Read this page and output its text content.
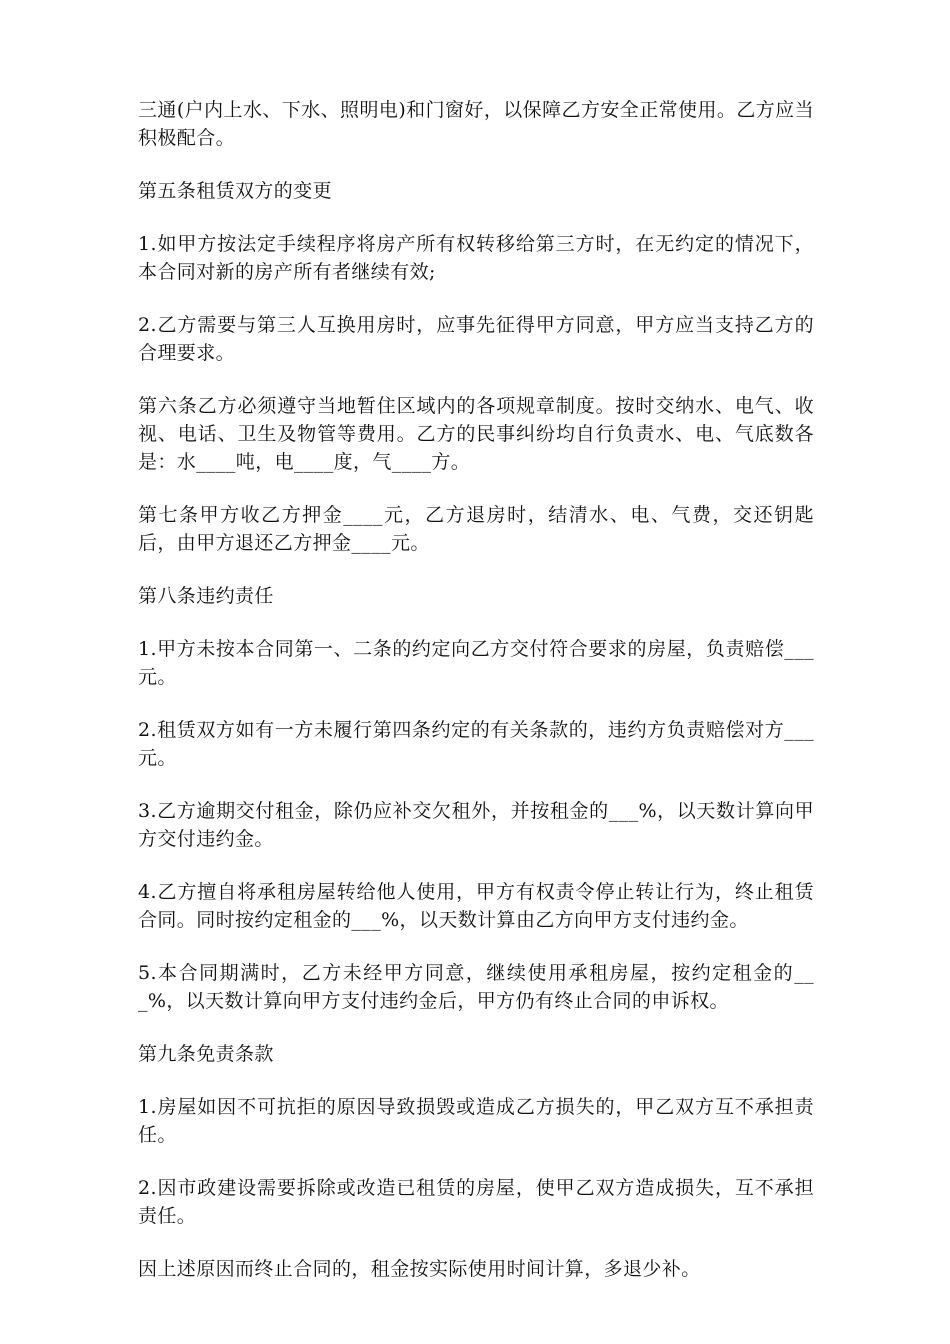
三通(户内上水、下水、照明电)和门窗好，以保障乙方安全正常使用。乙方应当积极配合。

第五条租赁双方的变更

1.如甲方按法定手续程序将房产所有权转移给第三方时，在无约定的情况下，本合同对新的房产所有者继续有效;

2.乙方需要与第三人互换用房时，应事先征得甲方同意，甲方应当支持乙方的合理要求。

第六条乙方必须遵守当地暂住区域内的各项规章制度。按时交纳水、电气、收视、电话、卫生及物管等费用。乙方的民事纠纷均自行负责水、电、气底数各是：水____吨，电____度，气____方。

第七条甲方收乙方押金____元，乙方退房时，结清水、电、气费，交还钥匙后，由甲方退还乙方押金____元。

第八条违约责任

1.甲方未按本合同第一、二条的约定向乙方交付符合要求的房屋，负责赔偿___元。

2.租赁双方如有一方未履行第四条约定的有关条款的，违约方负责赔偿对方___元。

3.乙方逾期交付租金，除仍应补交欠租外，并按租金的___%，以天数计算向甲方交付违约金。

4.乙方擅自将承租房屋转给他人使用，甲方有权责令停止转让行为，终止租赁合同。同时按约定租金的___%，以天数计算由乙方向甲方支付违约金。

5.本合同期满时，乙方未经甲方同意，继续使用承租房屋，按约定租金的___%，以天数计算向甲方支付违约金后，甲方仍有终止合同的申诉权。

第九条免责条款

1.房屋如因不可抗拒的原因导致损毁或造成乙方损失的，甲乙双方互不承担责任。

2.因市政建设需要拆除或改造已租赁的房屋，使甲乙双方造成损失，互不承担责任。

因上述原因而终止合同的，租金按实际使用时间计算，多退少补。
